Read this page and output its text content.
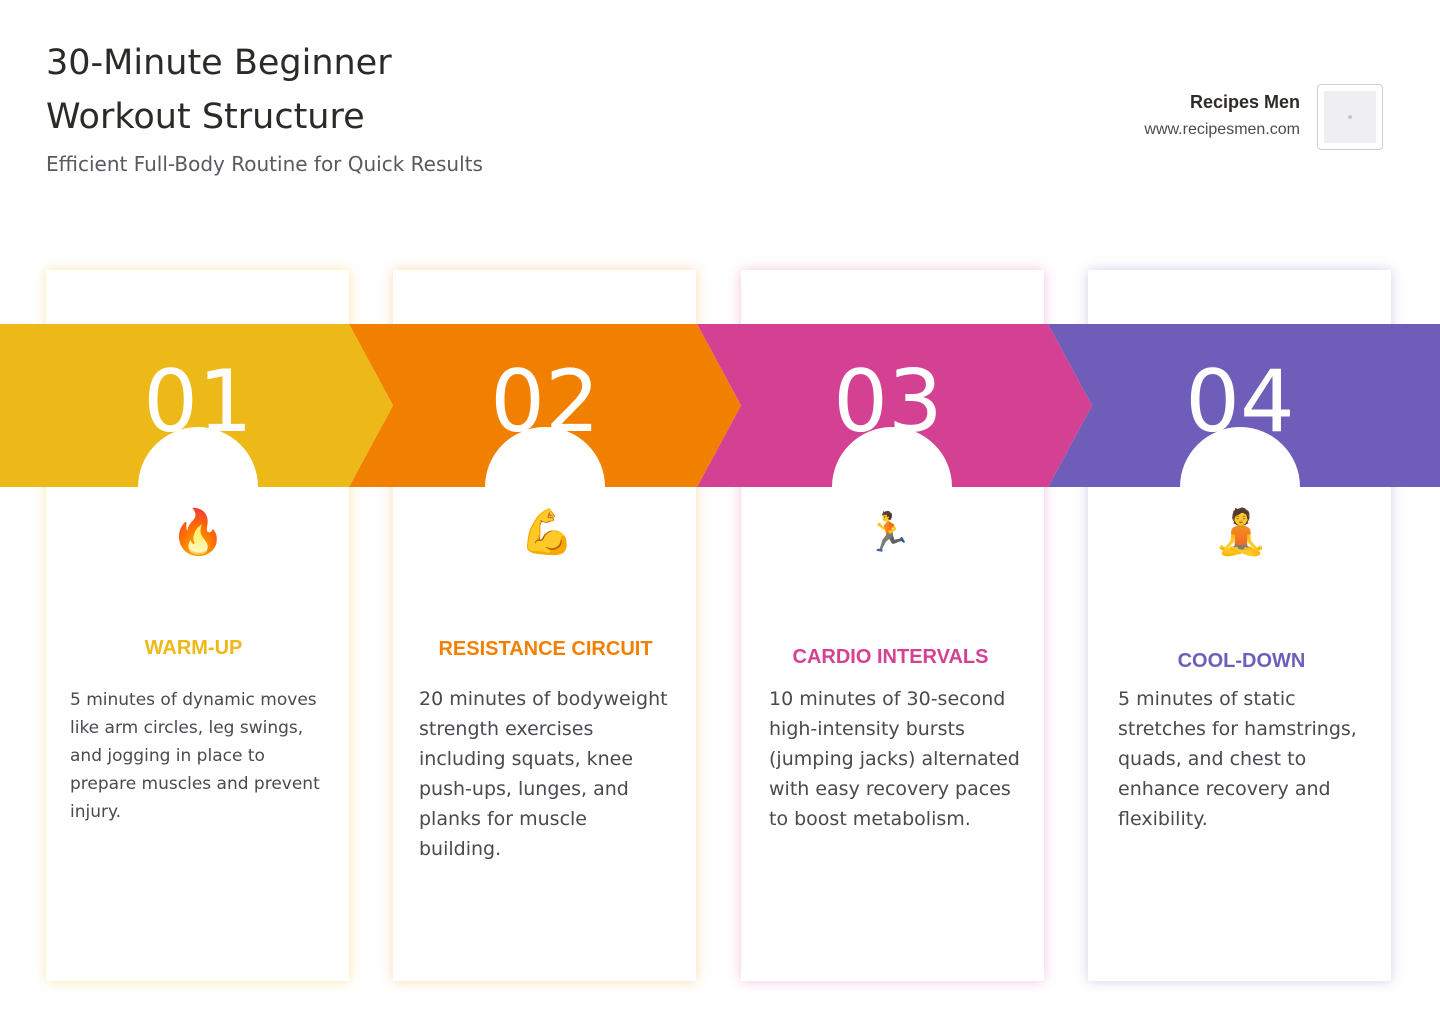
30-Minute Beginner
Workout Structure
Efficient Full-Body Routine for Quick Results
Recipes Men
www.recipesmen.com
01	02	03	04
🔥	💪	🏃	🧘
WARM-UP	RESISTANCE CIRCUIT	CARDIO INTERVALS	COOL-DOWN
5 minutes of dynamic moves like arm circles, leg swings, and jogging in place to prepare muscles and prevent injury.
20 minutes of bodyweight strength exercises including squats, knee push-ups, lunges, and planks for muscle building.
10 minutes of 30-second high-intensity bursts (jumping jacks) alternated with easy recovery paces to boost metabolism.
5 minutes of static stretches for hamstrings, quads, and chest to enhance recovery and flexibility.
